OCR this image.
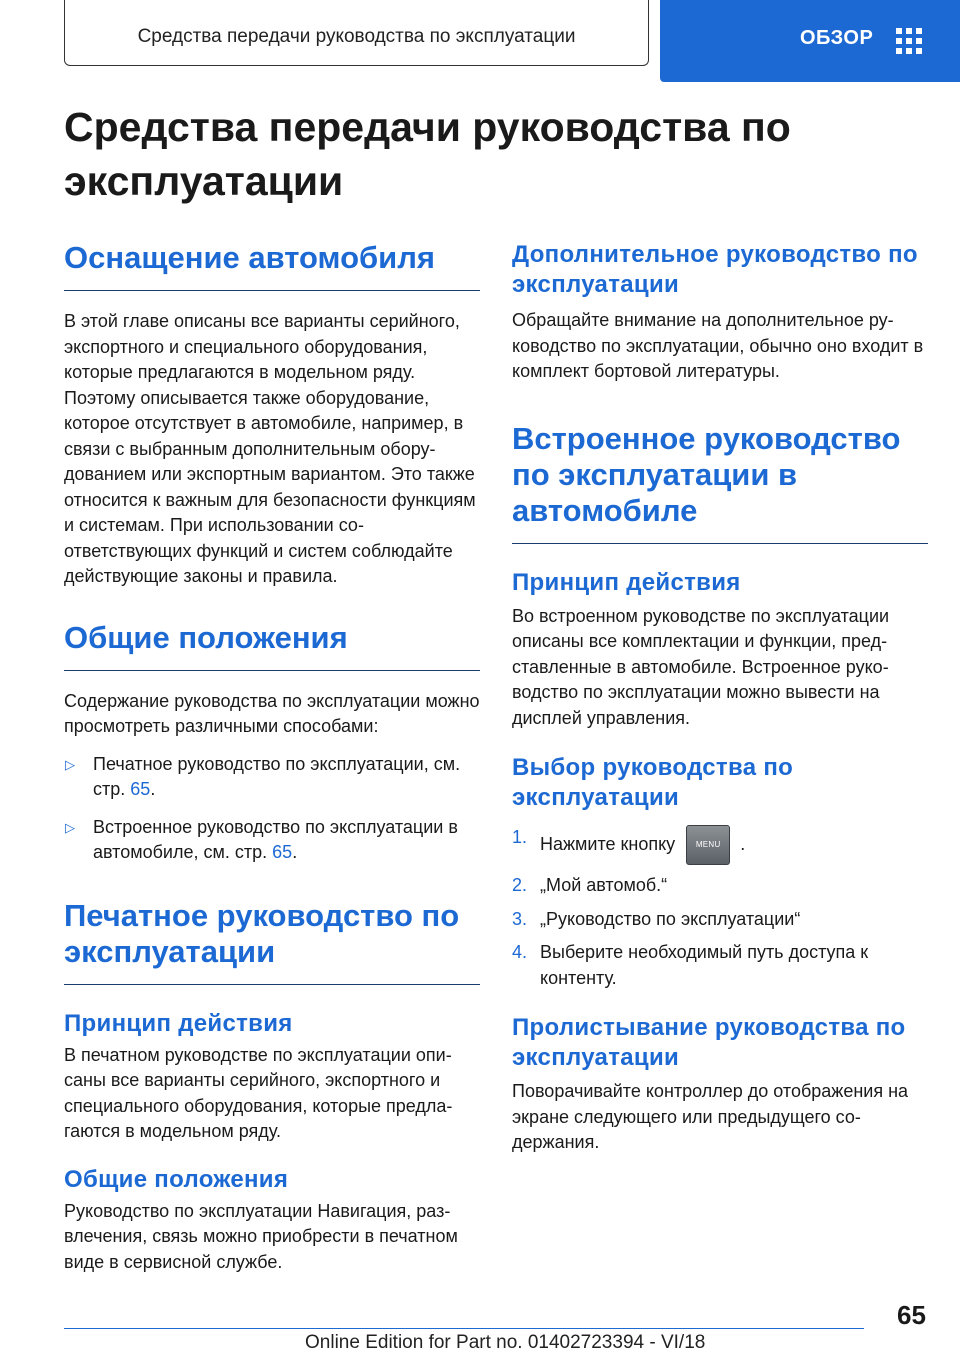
Средства передачи руководства по эксплуатации	ОБЗОР
Средства передачи руководства по эксплуатации
Оснащение автомобиля
В этой главе описаны все варианты серийного, экспортного и специального оборудования, которые предлагаются в модельном ряду. Поэтому описывается также оборудование, которое отсутствует в автомобиле, например, в связи с выбранным дополнительным оборудованием или экспортным вариантом. Это также относится к важным для безопасности функциям и системам. При использовании соответствующих функций и систем соблюдайте действующие законы и правила.
Общие положения
Содержание руководства по эксплуатации можно просмотреть различными способами:
▷ Печатное руководство по эксплуатации, см. стр. 65.
▷ Встроенное руководство по эксплуатации в автомобиле, см. стр. 65.
Печатное руководство по эксплуатации
Принцип действия
В печатном руководстве по эксплуатации описаны все варианты серийного, экспортного и специального оборудования, которые предлагаются в модельном ряду.
Общие положения
Руководство по эксплуатации Навигация, развлечения, связь можно приобрести в печатном виде в сервисной службе.
Дополнительное руководство по эксплуатации
Обращайте внимание на дополнительное руководство по эксплуатации, обычно оно входит в комплект бортовой литературы.
Встроенное руководство по эксплуатации в автомобиле
Принцип действия
Во встроенном руководстве по эксплуатации описаны все комплектации и функции, представленные в автомобиле. Встроенное руководство по эксплуатации можно вывести на дисплей управления.
Выбор руководства по эксплуатации
1. Нажмите кнопку	MENU .
2. „Мой автомоб.“
3. „Руководство по эксплуатации“
4. Выберите необходимый путь доступа к контенту.
Пролистывание руководства по эксплуатации
Поворачивайте контроллер до отображения на экране следующего или предыдущего содержания.
65
Online Edition for Part no. 01402723394 - VI/18
